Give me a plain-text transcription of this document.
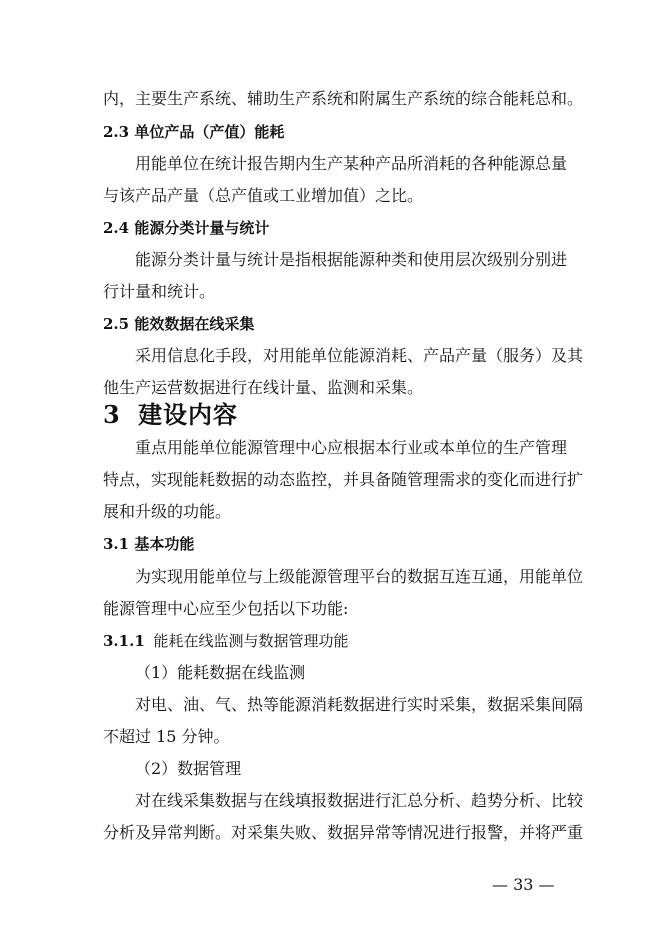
内，主要生产系统、辅助生产系统和附属生产系统的综合能耗总和。

2.3 单位产品（产值）能耗

用能单位在统计报告期内生产某种产品所消耗的各种能源总量

与该产品产量（总产值或工业增加值）之比。

2.4 能源分类计量与统计

能源分类计量与统计是指根据能源种类和使用层次级别分别进

行计量和统计。

2.5 能效数据在线采集

采用信息化手段，对用能单位能源消耗、产品产量（服务）及其

他生产运营数据进行在线计量、监测和采集。

3 建设内容

重点用能单位能源管理中心应根据本行业或本单位的生产管理

特点，实现能耗数据的动态监控，并具备随管理需求的变化而进行扩

展和升级的功能。

3.1 基本功能

为实现用能单位与上级能源管理平台的数据互连互通，用能单位

能源管理中心应至少包括以下功能:

3.1.1 能耗在线监测与数据管理功能

（1）能耗数据在线监测

对电、油、气、热等能源消耗数据进行实时采集，数据采集间隔

不超过 15 分钟。

（2）数据管理

对在线采集数据与在线填报数据进行汇总分析、趋势分析、比较

分析及异常判断。对采集失败、数据异常等情况进行报警，并将严重

— 33 —
